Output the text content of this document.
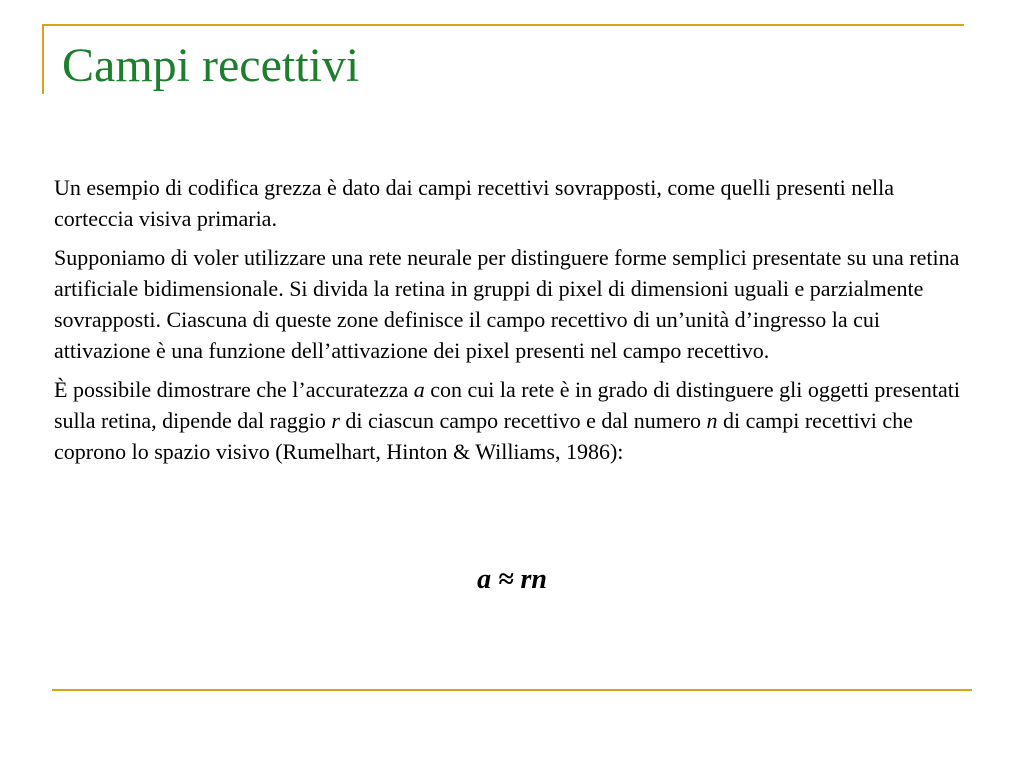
Campi recettivi

Un esempio di codifica grezza è dato dai campi recettivi sovrapposti, come quelli presenti nella corteccia visiva primaria.

Supponiamo di voler utilizzare una rete neurale per distinguere forme semplici presentate su una retina artificiale bidimensionale. Si divida la retina in gruppi di pixel di dimensioni uguali e parzialmente sovrapposti. Ciascuna di queste zone definisce il campo recettivo di un’unità d’ingresso la cui attivazione è una funzione dell’attivazione dei pixel presenti nel campo recettivo.

È possibile dimostrare che l’accuratezza a con cui la rete è in grado di distinguere gli oggetti presentati sulla retina, dipende dal raggio r di ciascun campo recettivo e dal numero n di campi recettivi che coprono lo spazio visivo (Rumelhart, Hinton & Williams, 1986):

a ≈ rn
